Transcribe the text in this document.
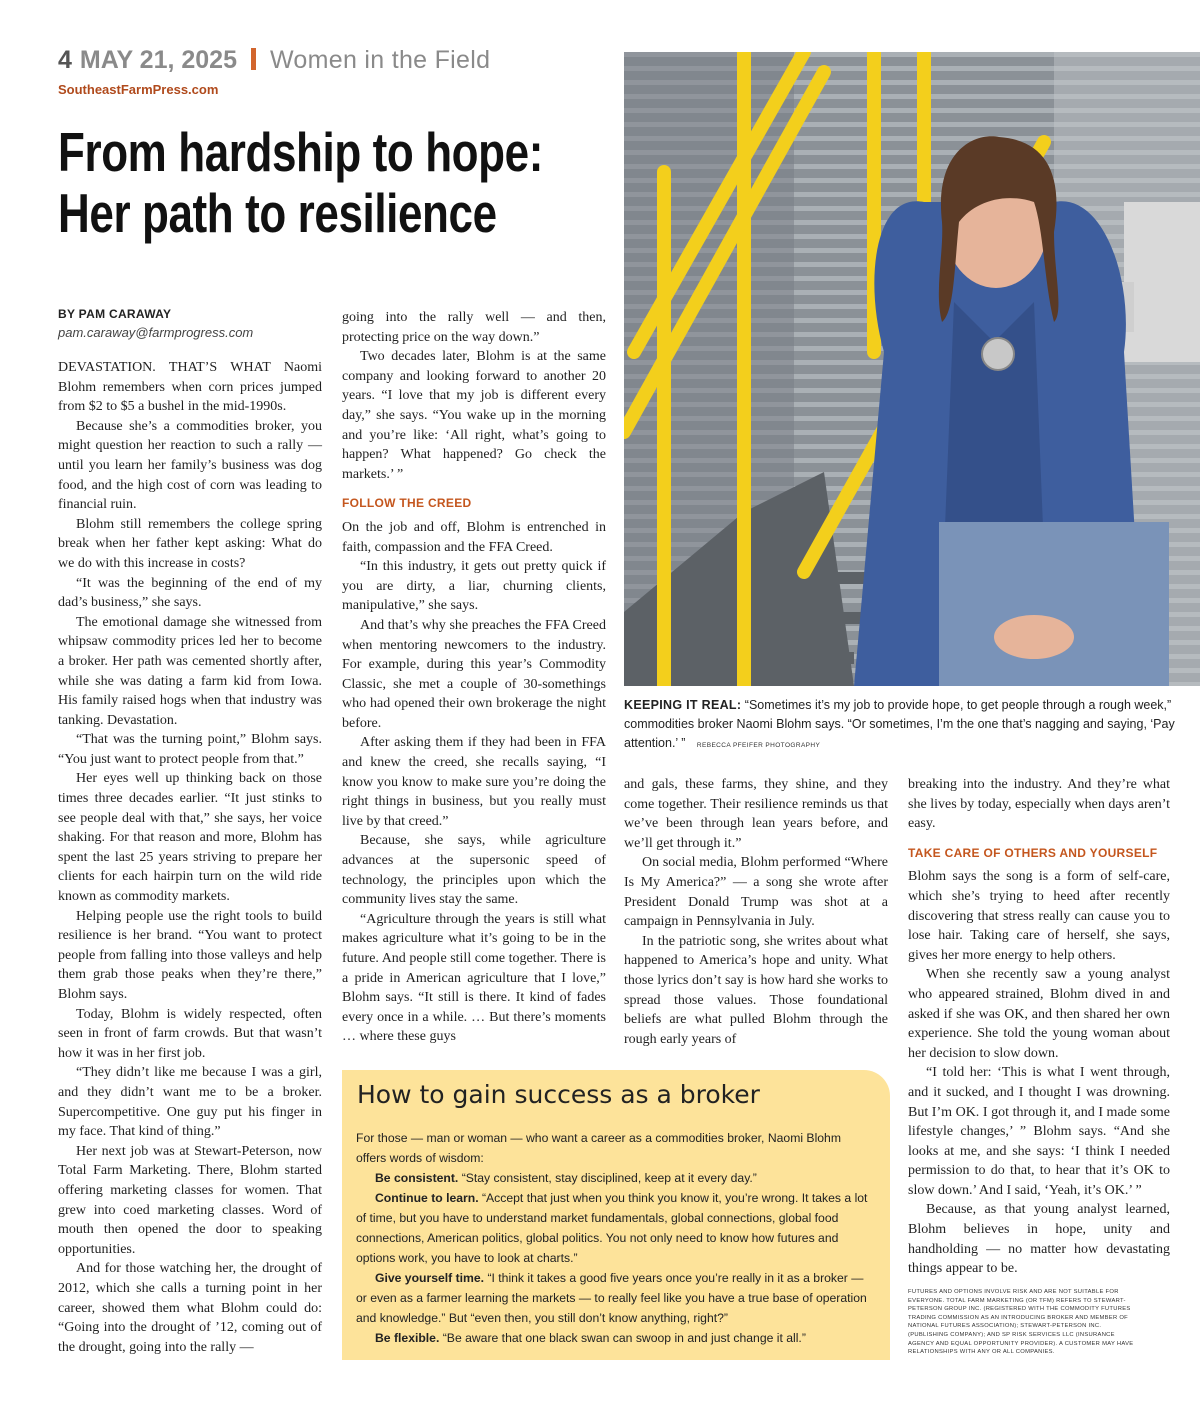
4 MAY 21, 2025 Women in the Field
SoutheastFarmPress.com
From hardship to hope:
Her path to resilience
BY PAM CARAWAY
pam.caraway@farmprogress.com

DEVASTATION. THAT’S WHAT Naomi Blohm remembers when corn prices jumped from $2 to $5 a bushel in the mid-1990s.

Because she’s a commodities broker, you might question her reaction to such a rally — until you learn her family’s business was dog food, and the high cost of corn was leading to financial ruin.

Blohm still remembers the college spring break when her father kept asking: What do we do with this increase in costs?

“It was the beginning of the end of my dad’s business,” she says.

The emotional damage she witnessed from whipsaw commodity prices led her to become a broker. Her path was cemented shortly after, while she was dating a farm kid from Iowa. His family raised hogs when that industry was tanking. Devastation.

“That was the turning point,” Blohm says. “You just want to protect people from that.”

Her eyes well up thinking back on those times three decades earlier. “It just stinks to see people deal with that,” she says, her voice shaking. For that reason and more, Blohm has spent the last 25 years striving to prepare her clients for each hairpin turn on the wild ride known as commodity markets.

Helping people use the right tools to build resilience is her brand. “You want to protect people from falling into those valleys and help them grab those peaks when they’re there,” Blohm says.

Today, Blohm is widely respected, often seen in front of farm crowds. But that wasn’t how it was in her first job.

“They didn’t like me because I was a girl, and they didn’t want me to be a broker. Supercompetitive. One guy put his finger in my face. That kind of thing.”

Her next job was at Stewart-Peterson, now Total Farm Marketing. There, Blohm started offering marketing classes for women. That grew into coed marketing classes. Word of mouth then opened the door to speaking opportunities.

And for those watching her, the drought of 2012, which she calls a turning point in her career, showed them what Blohm could do: “Going into the drought of ’12, coming out of the drought, going into the rally —

going into the rally well — and then, protecting price on the way down.”

Two decades later, Blohm is at the same company and looking forward to another 20 years. “I love that my job is different every day,” she says. “You wake up in the morning and you’re like: ‘All right, what’s going to happen? What happened? Go check the markets.’ ”

FOLLOW THE CREED

On the job and off, Blohm is entrenched in faith, compassion and the FFA Creed.

“In this industry, it gets out pretty quick if you are dirty, a liar, churning clients, manipulative,” she says.

And that’s why she preaches the FFA Creed when mentoring newcomers to the industry. For example, during this year’s Commodity Classic, she met a couple of 30-somethings who had opened their own brokerage the night before.

After asking them if they had been in FFA and knew the creed, she recalls saying, “I know you know to make sure you’re doing the right things in business, but you really must live by that creed.”

Because, she says, while agriculture advances at the supersonic speed of technology, the principles upon which the community lives stay the same.

“Agriculture through the years is still what makes agriculture what it’s going to be in the future. And people still come together. There is a pride in American agriculture that I love,” Blohm says. “It still is there. It kind of fades every once in a while. … But there’s moments … where these guys

KEEPING IT REAL: “Sometimes it’s my job to provide hope, to get people through a rough week,” commodities broker Naomi Blohm says. “Or sometimes, I’m the one that’s nagging and saying, ‘Pay attention.’ ” REBECCA PFEIFER PHOTOGRAPHY

and gals, these farms, they shine, and they come together. Their resilience reminds us that we’ve been through lean years before, and we’ll get through it.”

On social media, Blohm performed “Where Is My America?” — a song she wrote after President Donald Trump was shot at a campaign in Pennsylvania in July.

In the patriotic song, she writes about what happened to America’s hope and unity. What those lyrics don’t say is how hard she works to spread those values. Those foundational beliefs are what pulled Blohm through the rough early years of

breaking into the industry. And they’re what she lives by today, especially when days aren’t easy.

TAKE CARE OF OTHERS AND YOURSELF

Blohm says the song is a form of self-care, which she’s trying to heed after recently discovering that stress really can cause you to lose hair. Taking care of herself, she says, gives her more energy to help others.

When she recently saw a young analyst who appeared strained, Blohm dived in and asked if she was OK, and then shared her own experience. She told the young woman about her decision to slow down.

“I told her: ‘This is what I went through, and it sucked, and I thought I was drowning. But I’m OK. I got through it, and I made some lifestyle changes,’ ” Blohm says. “And she looks at me, and she says: ‘I think I needed permission to do that, to hear that it’s OK to slow down.’ And I said, ‘Yeah, it’s OK.’ ”

Because, as that young analyst learned, Blohm believes in hope, unity and handholding — no matter how devastating things appear to be.

How to gain success as a broker

For those — man or woman — who want a career as a commodities broker, Naomi Blohm offers words of wisdom:

Be consistent. “Stay consistent, stay disciplined, keep at it every day.”

Continue to learn. “Accept that just when you think you know it, you’re wrong. It takes a lot of time, but you have to understand market fundamentals, global connections, global food connections, American politics, global politics. You not only need to know how futures and options work, you have to look at charts.”

Give yourself time. “I think it takes a good five years once you’re really in it as a broker — or even as a farmer learning the markets — to really feel like you have a true base of operation and knowledge.” But “even then, you still don’t know anything, right?”

Be flexible. “Be aware that one black swan can swoop in and just change it all.”

FUTURES AND OPTIONS INVOLVE RISK AND ARE NOT SUITABLE FOR EVERYONE. TOTAL FARM MARKETING (OR TFM) REFERS TO STEWART-PETERSON GROUP INC. (REGISTERED WITH THE COMMODITY FUTURES TRADING COMMISSION AS AN INTRODUCING BROKER AND MEMBER OF NATIONAL FUTURES ASSOCIATION); STEWART-PETERSON INC. (PUBLISHING COMPANY); AND SP RISK SERVICES LLC (INSURANCE AGENCY AND EQUAL OPPORTUNITY PROVIDER). A CUSTOMER MAY HAVE RELATIONSHIPS WITH ANY OR ALL COMPANIES.
